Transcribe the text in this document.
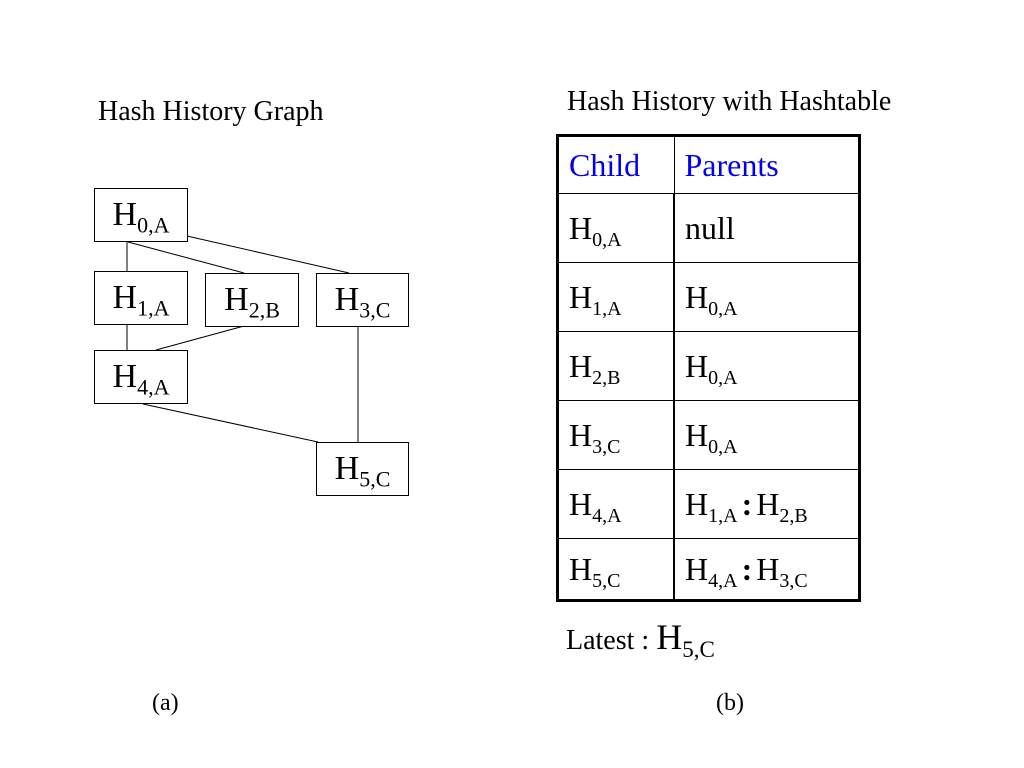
Hash History Graph
$H_{0,A}$
$H_{1,A}$	$H_{2,B}$	$H_{3,C}$
$H_{4,A}$
$H_{5,C}$
(a)
Hash History with Hashtable
Child	Parents
$H_{0,A}$	null
$H_{1,A}$	$H_{0,A}$
$H_{2,B}$	$H_{0,A}$
$H_{3,C}$	$H_{0,A}$
$H_{4,A}$	$H_{1,A}$ : $H_{2,B}$
$H_{5,C}$	$H_{4,A}$ : $H_{3,C}$
Latest : $H_{5,C}$
(b)
